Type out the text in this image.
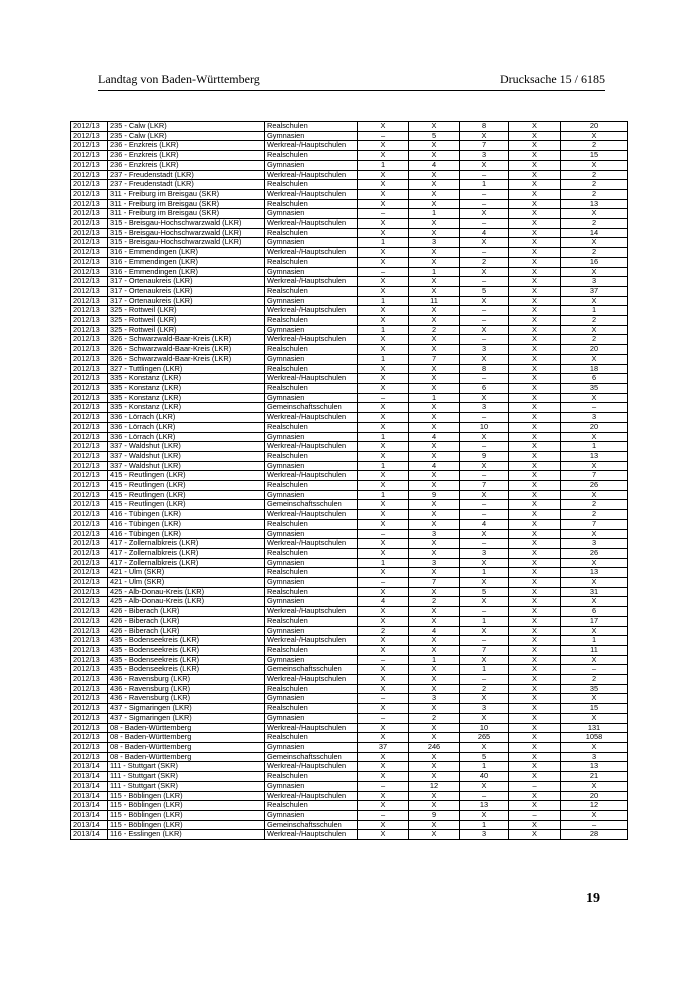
Landtag von Baden-Württemberg	Drucksache 15 / 6185
2012/13	235 - Calw (LKR)	Realschulen	X	X	8	X	20
2012/13	235 - Calw (LKR)	Gymnasien	–	5	X	X	X
2012/13	236 - Enzkreis (LKR)	Werkreal-/Hauptschulen	X	X	7	X	2
2012/13	236 - Enzkreis (LKR)	Realschulen	X	X	3	X	15
2012/13	236 - Enzkreis (LKR)	Gymnasien	1	4	X	X	X
2012/13	237 - Freudenstadt (LKR)	Werkreal-/Hauptschulen	X	X	–	X	2
2012/13	237 - Freudenstadt (LKR)	Realschulen	X	X	1	X	2
2012/13	311 - Freiburg im Breisgau (SKR)	Werkreal-/Hauptschulen	X	X	–	X	2
2012/13	311 - Freiburg im Breisgau (SKR)	Realschulen	X	X	–	X	13
2012/13	311 - Freiburg im Breisgau (SKR)	Gymnasien	–	1	X	X	X
2012/13	315 - Breisgau-Hochschwarzwald (LKR)	Werkreal-/Hauptschulen	X	X	–	X	2
2012/13	315 - Breisgau-Hochschwarzwald (LKR)	Realschulen	X	X	4	X	14
2012/13	315 - Breisgau-Hochschwarzwald (LKR)	Gymnasien	1	3	X	X	X
2012/13	316 - Emmendingen (LKR)	Werkreal-/Hauptschulen	X	X	–	X	2
2012/13	316 - Emmendingen (LKR)	Realschulen	X	X	2	X	16
2012/13	316 - Emmendingen (LKR)	Gymnasien	–	1	X	X	X
2012/13	317 - Ortenaukreis (LKR)	Werkreal-/Hauptschulen	X	X	–	X	3
2012/13	317 - Ortenaukreis (LKR)	Realschulen	X	X	5	X	37
2012/13	317 - Ortenaukreis (LKR)	Gymnasien	1	11	X	X	X
2012/13	325 - Rottweil (LKR)	Werkreal-/Hauptschulen	X	X	–	X	1
2012/13	325 - Rottweil (LKR)	Realschulen	X	X	–	X	2
2012/13	325 - Rottweil (LKR)	Gymnasien	1	2	X	X	X
2012/13	326 - Schwarzwald-Baar-Kreis (LKR)	Werkreal-/Hauptschulen	X	X	–	X	2
2012/13	326 - Schwarzwald-Baar-Kreis (LKR)	Realschulen	X	X	3	X	20
2012/13	326 - Schwarzwald-Baar-Kreis (LKR)	Gymnasien	1	7	X	X	X
2012/13	327 - Tuttlingen (LKR)	Realschulen	X	X	8	X	18
2012/13	335 - Konstanz (LKR)	Werkreal-/Hauptschulen	X	X	–	X	6
2012/13	335 - Konstanz (LKR)	Realschulen	X	X	6	X	35
2012/13	335 - Konstanz (LKR)	Gymnasien	–	1	X	X	X
2012/13	335 - Konstanz (LKR)	Gemeinschaftsschulen	X	X	3	X	–
2012/13	336 - Lörrach (LKR)	Werkreal-/Hauptschulen	X	X	–	X	3
2012/13	336 - Lörrach (LKR)	Realschulen	X	X	10	X	20
2012/13	336 - Lörrach (LKR)	Gymnasien	1	4	X	X	X
2012/13	337 - Waldshut (LKR)	Werkreal-/Hauptschulen	X	X	–	X	1
2012/13	337 - Waldshut (LKR)	Realschulen	X	X	9	X	13
2012/13	337 - Waldshut (LKR)	Gymnasien	1	4	X	X	X
2012/13	415 - Reutlingen (LKR)	Werkreal-/Hauptschulen	X	X	–	X	7
2012/13	415 - Reutlingen (LKR)	Realschulen	X	X	7	X	26
2012/13	415 - Reutlingen (LKR)	Gymnasien	1	9	X	X	X
2012/13	415 - Reutlingen (LKR)	Gemeinschaftsschulen	X	X	–	X	2
2012/13	416 - Tübingen (LKR)	Werkreal-/Hauptschulen	X	X	–	X	2
2012/13	416 - Tübingen (LKR)	Realschulen	X	X	4	X	7
2012/13	416 - Tübingen (LKR)	Gymnasien	–	3	X	X	X
2012/13	417 - Zollernalbkreis (LKR)	Werkreal-/Hauptschulen	X	X	–	X	3
2012/13	417 - Zollernalbkreis (LKR)	Realschulen	X	X	3	X	26
2012/13	417 - Zollernalbkreis (LKR)	Gymnasien	1	3	X	X	X
2012/13	421 - Ulm (SKR)	Realschulen	X	X	1	X	13
2012/13	421 - Ulm (SKR)	Gymnasien	–	7	X	X	X
2012/13	425 - Alb-Donau-Kreis (LKR)	Realschulen	X	X	5	X	31
2012/13	425 - Alb-Donau-Kreis (LKR)	Gymnasien	4	2	X	X	X
2012/13	426 - Biberach (LKR)	Werkreal-/Hauptschulen	X	X	–	X	6
2012/13	426 - Biberach (LKR)	Realschulen	X	X	1	X	17
2012/13	426 - Biberach (LKR)	Gymnasien	2	4	X	X	X
2012/13	435 - Bodenseekreis (LKR)	Werkreal-/Hauptschulen	X	X	–	X	1
2012/13	435 - Bodenseekreis (LKR)	Realschulen	X	X	7	X	11
2012/13	435 - Bodenseekreis (LKR)	Gymnasien	–	1	X	X	X
2012/13	435 - Bodenseekreis (LKR)	Gemeinschaftsschulen	X	X	1	X	–
2012/13	436 - Ravensburg (LKR)	Werkreal-/Hauptschulen	X	X	–	X	2
2012/13	436 - Ravensburg (LKR)	Realschulen	X	X	2	X	35
2012/13	436 - Ravensburg (LKR)	Gymnasien	–	3	X	X	X
2012/13	437 - Sigmaringen (LKR)	Realschulen	X	X	3	X	15
2012/13	437 - Sigmaringen (LKR)	Gymnasien	–	2	X	X	X
2012/13	08 - Baden-Württemberg	Werkreal-/Hauptschulen	X	X	10	X	131
2012/13	08 - Baden-Württemberg	Realschulen	X	X	265	X	1058
2012/13	08 - Baden-Württemberg	Gymnasien	37	246	X	X	X
2012/13	08 - Baden-Württemberg	Gemeinschaftsschulen	X	X	5	X	3
2013/14	111 - Stuttgart (SKR)	Werkreal-/Hauptschulen	X	X	1	X	13
2013/14	111 - Stuttgart (SKR)	Realschulen	X	X	40	X	21
2013/14	111 - Stuttgart (SKR)	Gymnasien	–	12	X	–	X
2013/14	115 - Böblingen (LKR)	Werkreal-/Hauptschulen	X	X	–	X	20
2013/14	115 - Böblingen (LKR)	Realschulen	X	X	13	X	12
2013/14	115 - Böblingen (LKR)	Gymnasien	–	9	X	–	X
2013/14	115 - Böblingen (LKR)	Gemeinschaftsschulen	X	X	1	X	–
2013/14	116 - Esslingen (LKR)	Werkreal-/Hauptschulen	X	X	3	X	28
19
